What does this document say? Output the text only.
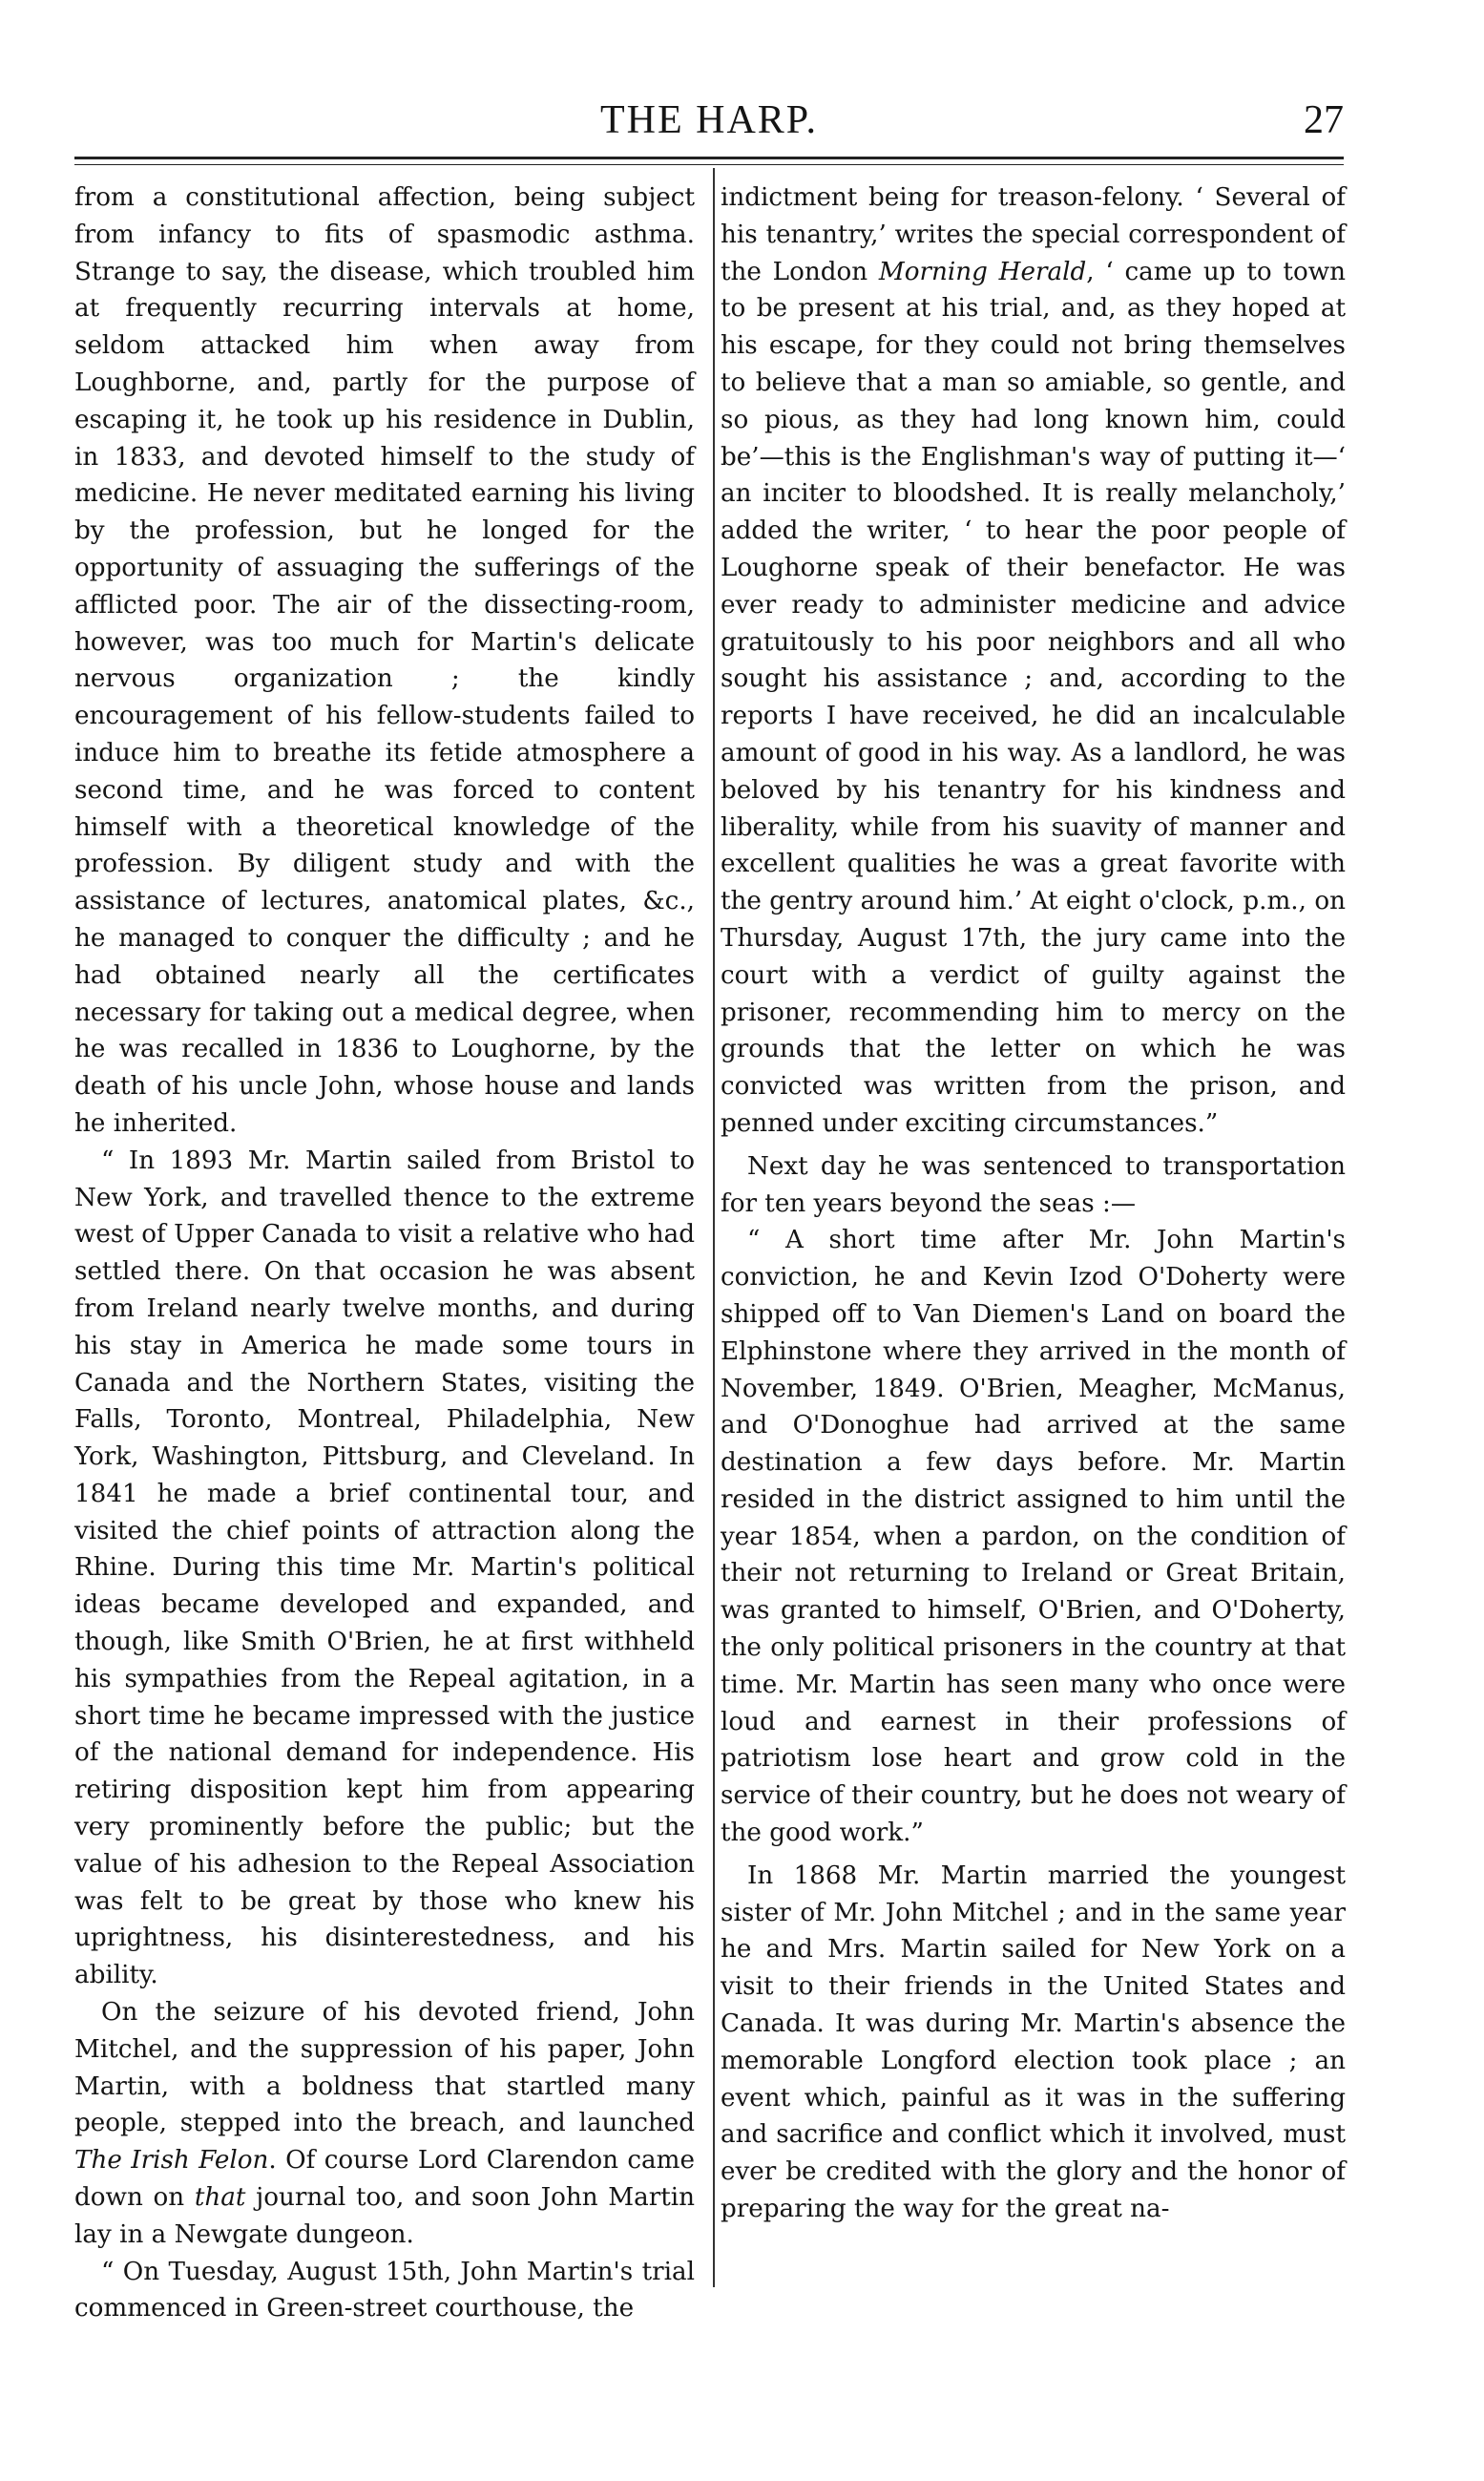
THE HARP.	27

from a constitutional affection, being subject from infancy to fits of spasmodic asthma. Strange to say, the disease, which troubled him at frequently recurring intervals at home, seldom attacked him when away from Loughborne, and, partly for the purpose of escaping it, he took up his residence in Dublin, in 1833, and devoted himself to the study of medicine. He never meditated earning his living by the profession, but he longed for the opportunity of assuaging the sufferings of the afflicted poor. The air of the dissecting-room, however, was too much for Martin's delicate nervous organization ; the kindly encouragement of his fellow-students failed to induce him to breathe its fetide atmosphere a second time, and he was forced to content himself with a theoretical knowledge of the profession. By diligent study and with the assistance of lectures, anatomical plates, &c., he managed to conquer the difficulty ; and he had obtained nearly all the certificates necessary for taking out a medical degree, when he was recalled in 1836 to Loughorne, by the death of his uncle John, whose house and lands he inherited.

“ In 1893 Mr. Martin sailed from Bristol to New York, and travelled thence to the extreme west of Upper Canada to visit a relative who had settled there. On that occasion he was absent from Ireland nearly twelve months, and during his stay in America he made some tours in Canada and the Northern States, visiting the Falls, Toronto, Montreal, Philadelphia, New York, Washington, Pittsburg, and Cleveland. In 1841 he made a brief continental tour, and visited the chief points of attraction along the Rhine. During this time Mr. Martin's political ideas became developed and expanded, and though, like Smith O'Brien, he at first withheld his sympathies from the Repeal agitation, in a short time he became impressed with the justice of the national demand for independence. His retiring disposition kept him from appearing very prominently before the public; but the value of his adhesion to the Repeal Association was felt to be great by those who knew his uprightness, his disinterestedness, and his ability.

On the seizure of his devoted friend, John Mitchel, and the suppression of his paper, John Martin, with a boldness that startled many people, stepped into the breach, and launched The Irish Felon. Of course Lord Clarendon came down on that journal too, and soon John Martin lay in a Newgate dungeon.

“ On Tuesday, August 15th, John Martin's trial commenced in Green-street courthouse, the

indictment being for treason-felony. ‘ Several of his tenantry,’ writes the special correspondent of the London Morning Herald, ‘ came up to town to be present at his trial, and, as they hoped at his escape, for they could not bring themselves to believe that a man so amiable, so gentle, and so pious, as they had long known him, could be’—this is the Englishman's way of putting it—‘ an inciter to bloodshed. It is really melancholy,’ added the writer, ‘ to hear the poor people of Loughorne speak of their benefactor. He was ever ready to administer medicine and advice gratuitously to his poor neighbors and all who sought his assistance ; and, according to the reports I have received, he did an incalculable amount of good in his way. As a landlord, he was beloved by his tenantry for his kindness and liberality, while from his suavity of manner and excellent qualities he was a great favorite with the gentry around him.’ At eight o'clock, p.m., on Thursday, August 17th, the jury came into the court with a verdict of guilty against the prisoner, recommending him to mercy on the grounds that the letter on which he was convicted was written from the prison, and penned under exciting circumstances.”

Next day he was sentenced to transportation for ten years beyond the seas :—

“ A short time after Mr. John Martin's conviction, he and Kevin Izod O'Doherty were shipped off to Van Diemen's Land on board the Elphinstone where they arrived in the month of November, 1849. O'Brien, Meagher, McManus, and O'Donoghue had arrived at the same destination a few days before. Mr. Martin resided in the district assigned to him until the year 1854, when a pardon, on the condition of their not returning to Ireland or Great Britain, was granted to himself, O'Brien, and O'Doherty, the only political prisoners in the country at that time. Mr. Martin has seen many who once were loud and earnest in their professions of patriotism lose heart and grow cold in the service of their country, but he does not weary of the good work.”

In 1868 Mr. Martin married the youngest sister of Mr. John Mitchel ; and in the same year he and Mrs. Martin sailed for New York on a visit to their friends in the United States and Canada. It was during Mr. Martin's absence the memorable Longford election took place ; an event which, painful as it was in the suffering and sacrifice and conflict which it involved, must ever be credited with the glory and the honor of preparing the way for the great na-
